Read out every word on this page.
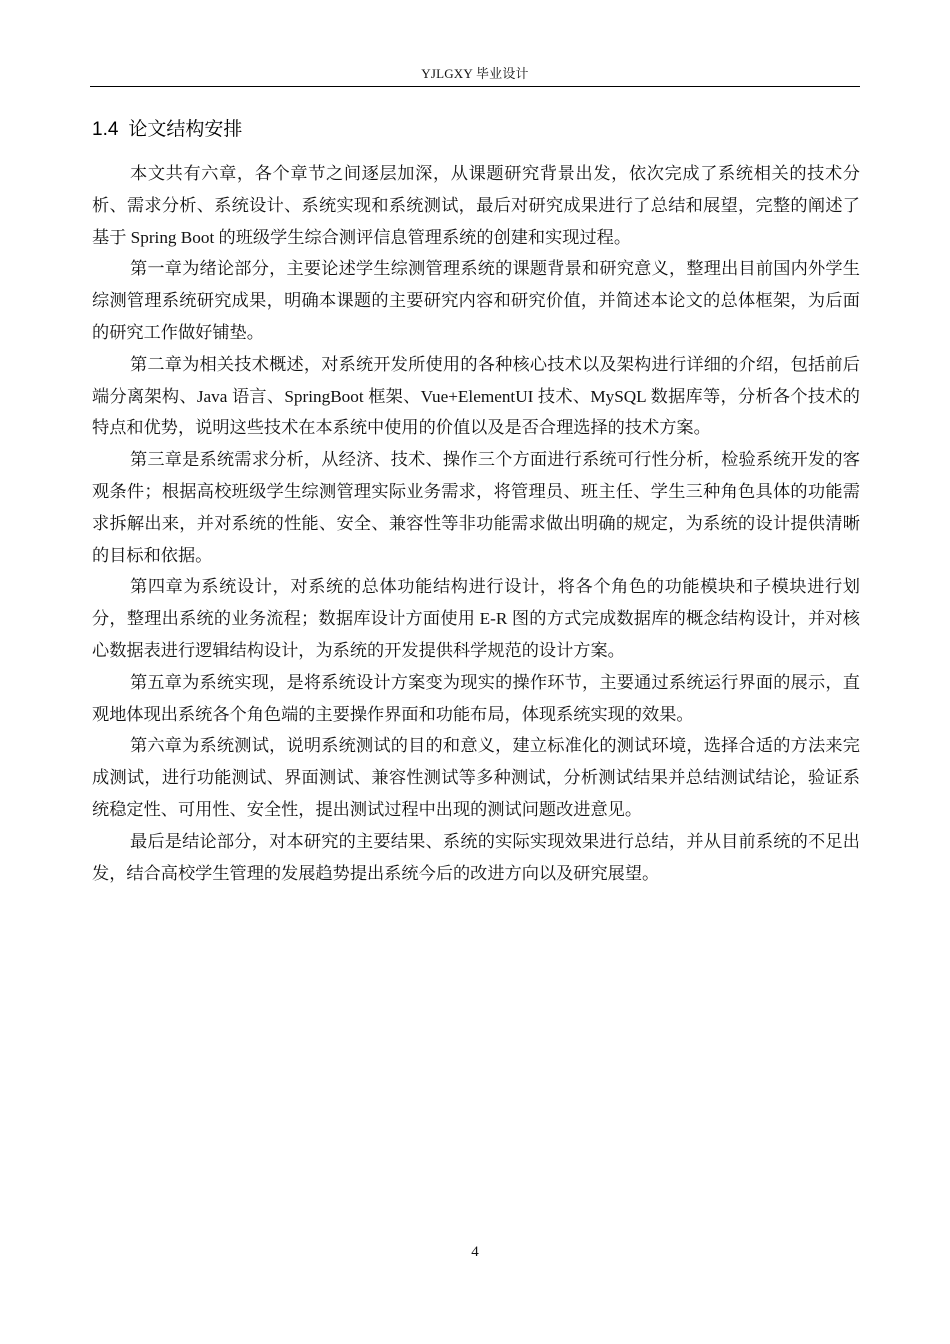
YJLGXY 毕业设计
1.4 论文结构安排

本文共有六章，各个章节之间逐层加深，从课题研究背景出发，依次完成了系统相关的技术分析、需求分析、系统设计、系统实现和系统测试，最后对研究成果进行了总结和展望，完整的阐述了基于 Spring Boot 的班级学生综合测评信息管理系统的创建和实现过程。

第一章为绪论部分，主要论述学生综测管理系统的课题背景和研究意义，整理出目前国内外学生综测管理系统研究成果，明确本课题的主要研究内容和研究价值，并简述本论文的总体框架，为后面的研究工作做好铺垫。

第二章为相关技术概述，对系统开发所使用的各种核心技术以及架构进行详细的介绍，包括前后端分离架构、Java 语言、SpringBoot 框架、Vue+ElementUI 技术、MySQL 数据库等，分析各个技术的特点和优势，说明这些技术在本系统中使用的价值以及是否合理选择的技术方案。

第三章是系统需求分析，从经济、技术、操作三个方面进行系统可行性分析，检验系统开发的客观条件；根据高校班级学生综测管理实际业务需求，将管理员、班主任、学生三种角色具体的功能需求拆解出来，并对系统的性能、安全、兼容性等非功能需求做出明确的规定，为系统的设计提供清晰的目标和依据。

第四章为系统设计，对系统的总体功能结构进行设计，将各个角色的功能模块和子模块进行划分，整理出系统的业务流程；数据库设计方面使用 E-R 图的方式完成数据库的概念结构设计，并对核心数据表进行逻辑结构设计，为系统的开发提供科学规范的设计方案。

第五章为系统实现，是将系统设计方案变为现实的操作环节，主要通过系统运行界面的展示，直观地体现出系统各个角色端的主要操作界面和功能布局，体现系统实现的效果。

第六章为系统测试，说明系统测试的目的和意义，建立标准化的测试环境，选择合适的方法来完成测试，进行功能测试、界面测试、兼容性测试等多种测试，分析测试结果并总结测试结论，验证系统稳定性、可用性、安全性，提出测试过程中出现的测试问题改进意见。

最后是结论部分，对本研究的主要结果、系统的实际实现效果进行总结，并从目前系统的不足出发，结合高校学生管理的发展趋势提出系统今后的改进方向以及研究展望。

4
